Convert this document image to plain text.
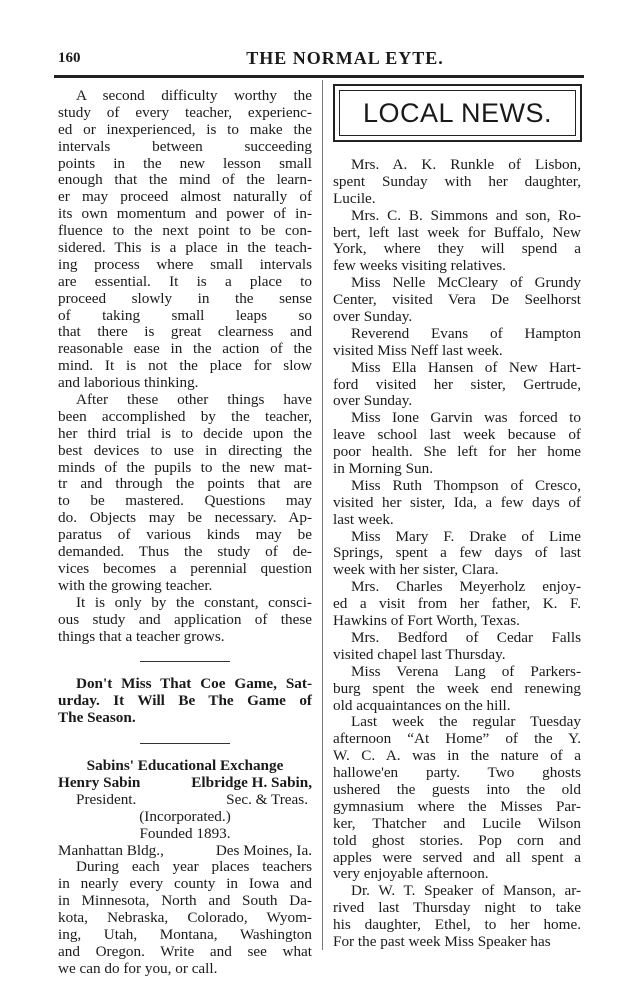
160	THE NORMAL EYTE.
LOCAL NEWS.
A second difficulty worthy the
study of every teacher, experienc-
ed or inexperienced, is to make the
intervals between succeeding
points in the new lesson small
enough that the mind of the learn-
er may proceed almost naturally of
its own momentum and power of in-
fluence to the next point to be con-
sidered. This is a place in the teach-
ing process where small intervals
are essential. It is a place to
proceed slowly in the sense
of taking small leaps so
that there is great clearness and
reasonable ease in the action of the
mind. It is not the place for slow
and laborious thinking.
After these other things have
been accomplished by the teacher,
her third trial is to decide upon the
best devices to use in directing the
minds of the pupils to the new mat-
tr and through the points that are
to be mastered. Questions may
do. Objects may be necessary. Ap-
paratus of various kinds may be
demanded. Thus the study of de-
vices becomes a perennial question
with the growing teacher.
It is only by the constant, consci-
ous study and application of these
things that a teacher grows.
Don't Miss That Coe Game, Sat-
urday. It Will Be The Game of
The Season.
Sabins' Educational Exchange
Henry Sabin	Elbridge H. Sabin,
President.	Sec. & Treas.
(Incorporated.)
Founded 1893.
Manhattan Bldg.,	Des Moines, Ia.
During each year places teachers
in nearly every county in Iowa and
in Minnesota, North and South Da-
kota, Nebraska, Colorado, Wyom-
ing, Utah, Montana, Washington
and Oregon. Write and see what
we can do for you, or call.
Mrs. A. K. Runkle of Lisbon,
spent Sunday with her daughter,
Lucile.
Mrs. C. B. Simmons and son, Ro-
bert, left last week for Buffalo, New
York, where they will spend a
few weeks visiting relatives.
Miss Nelle McCleary of Grundy
Center, visited Vera De Seelhorst
over Sunday.
Reverend Evans of Hampton
visited Miss Neff last week.
Miss Ella Hansen of New Hart-
ford visited her sister, Gertrude,
over Sunday.
Miss Ione Garvin was forced to
leave school last week because of
poor health. She left for her home
in Morning Sun.
Miss Ruth Thompson of Cresco,
visited her sister, Ida, a few days of
last week.
Miss Mary F. Drake of Lime
Springs, spent a few days of last
week with her sister, Clara.
Mrs. Charles Meyerholz enjoy-
ed a visit from her father, K. F.
Hawkins of Fort Worth, Texas.
Mrs. Bedford of Cedar Falls
visited chapel last Thursday.
Miss Verena Lang of Parkers-
burg spent the week end renewing
old acquaintances on the hill.
Last week the regular Tuesday
afternoon “At Home” of the Y.
W. C. A. was in the nature of a
hallowe'en party. Two ghosts
ushered the guests into the old
gymnasium where the Misses Par-
ker, Thatcher and Lucile Wilson
told ghost stories. Pop corn and
apples were served and all spent a
very enjoyable afternoon.
Dr. W. T. Speaker of Manson, ar-
rived last Thursday night to take
his daughter, Ethel, to her home.
For the past week Miss Speaker has
